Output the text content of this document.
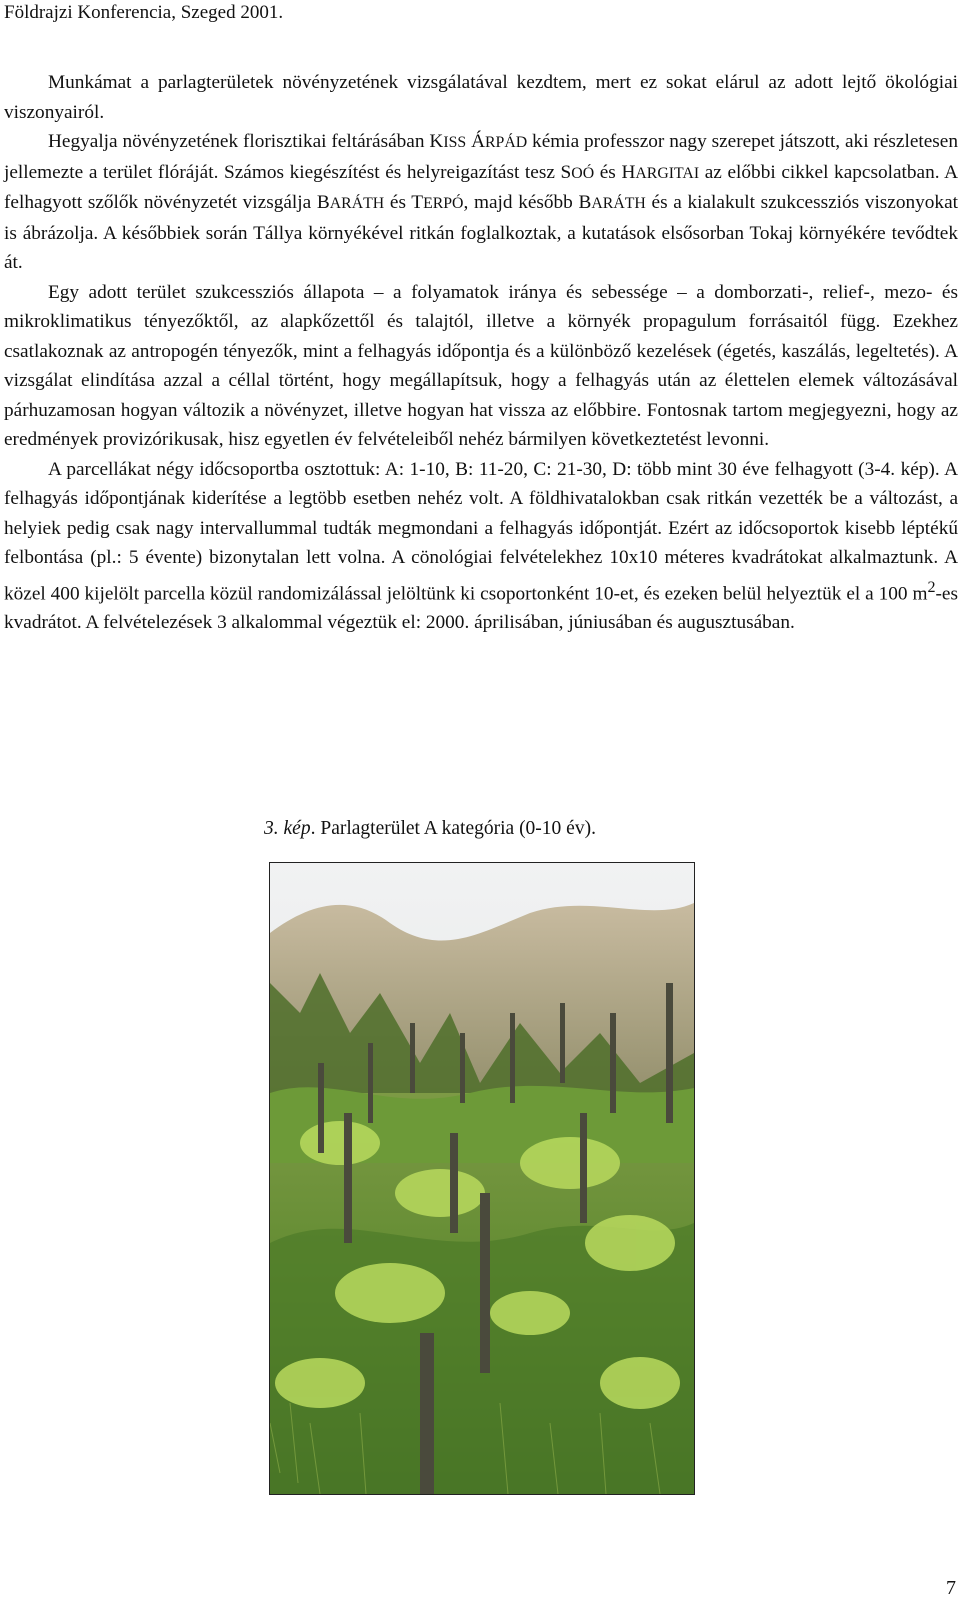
Földrajzi Konferencia, Szeged 2001.

Munkámat a parlagterületek növényzetének vizsgálatával kezdtem, mert ez sokat elárul az adott lejtő ökológiai viszonyairól.

Hegyalja növényzetének florisztikai feltárásában KISS ÁRPÁD kémia professzor nagy szerepet játszott, aki részletesen jellemezte a terület flóráját. Számos kiegészítést és helyreigazítást tesz SOÓ és HARGITAI az előbbi cikkel kapcsolatban. A felhagyott szőlők növényzetét vizsgálja BARÁTH és TERPÓ, majd később BARÁTH és a kialakult szukcessziós viszonyokat is ábrázolja. A későbbiek során Tállya környékével ritkán foglalkoztak, a kutatások elsősorban Tokaj környékére tevődtek át.

Egy adott terület szukcessziós állapota – a folyamatok iránya és sebessége – a domborzati-, relief-, mezo- és mikroklimatikus tényezőktől, az alapkőzettől és talajtól, illetve a környék propagulum forrásaitól függ. Ezekhez csatlakoznak az antropogén tényezők, mint a felhagyás időpontja és a különböző kezelések (égetés, kaszálás, legeltetés). A vizsgálat elindítása azzal a céllal történt, hogy megállapítsuk, hogy a felhagyás után az élettelen elemek változásával párhuzamosan hogyan változik a növényzet, illetve hogyan hat vissza az előbbire. Fontosnak tartom megjegyezni, hogy az eredmények provizórikusak, hisz egyetlen év felvételeiből nehéz bármilyen következtetést levonni.

A parcellákat négy időcsoportba osztottuk: A: 1-10, B: 11-20, C: 21-30, D: több mint 30 éve felhagyott (3-4. kép). A felhagyás időpontjának kiderítése a legtöbb esetben nehéz volt. A földhivatalokban csak ritkán vezették be a változást, a helyiek pedig csak nagy intervallummal tudták megmondani a felhagyás időpontját. Ezért az időcsoportok kisebb léptékű felbontása (pl.: 5 évente) bizonytalan lett volna. A cönológiai felvételekhez 10x10 méteres kvadrátokat alkalmaztunk. A közel 400 kijelölt parcella közül randomizálással jelöltünk ki csoportonként 10-et, és ezeken belül helyeztük el a 100 $m^2-es$ kvadrátot. A felvételezések 3 alkalommal végeztük el: 2000. áprilisában, júniusában és augusztusában.

3. kép. Parlagterület A kategória (0-10 év).
7
